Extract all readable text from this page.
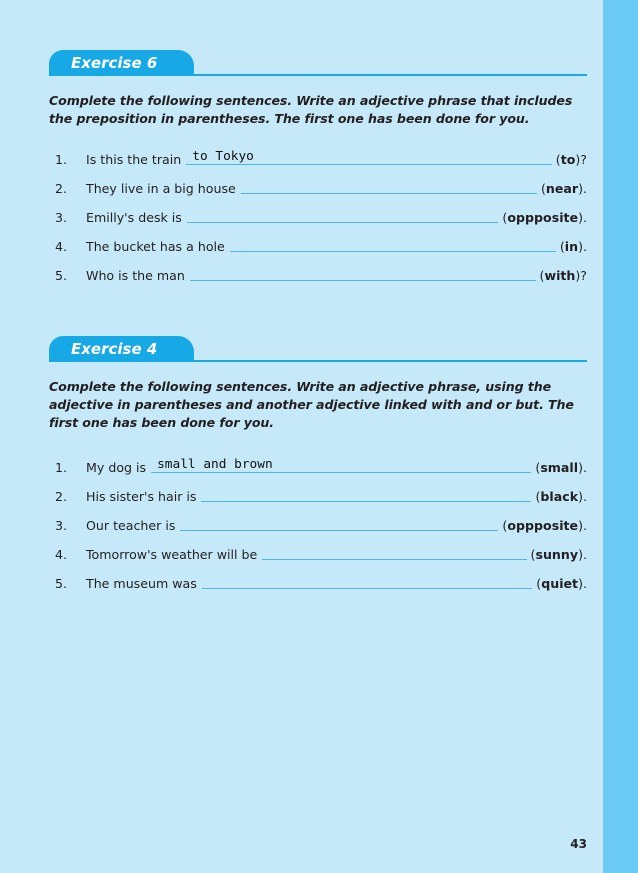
Exercise 6

Complete the following sentences. Write an adjective phrase that includes the preposition in parentheses. The first one has been done for you.

1.	Is this the train to Tokyo	(to)?
2.	They live in a big house	(near).
3.	Emilly's desk is	(oppposite).
4.	The bucket has a hole	(in).
5.	Who is the man	(with)?
Exercise 4

Complete the following sentences. Write an adjective phrase, using the adjective in parentheses and another adjective linked with and or but. The first one has been done for you.

1.	My dog is small and brown	(small).
2.	His sister's hair is	(black).
3.	Our teacher is	(oppposite).
4.	Tomorrow's weather will be	(sunny).
5.	The museum was	(quiet).
43
